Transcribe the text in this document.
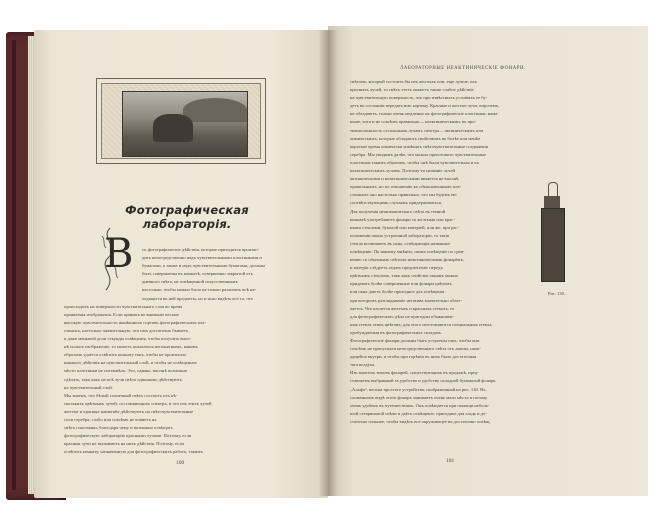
Фотографическая лабораторія.
В	съ фотографическiе дѣйствiя, которые приходится произво-
дить непосредственно надъ чувствительными пластинками и
бумагами, а также и надъ чувствительными бумагами, должны
быть совершаемы въ комнатѣ, совершенно закрытой отъ
дневного свѣта, не освѣщенной искусственнымъ
настолько, чтобы можно было не только различать всѣ на-
ходящiеся въ ней предметы, но и ясно видѣть все то, что
происходитъ на поверхности чувствительнаго слоя во время
проявленiя изображенiя. Если принять во вниманiе весьма
высокую чувствительность нынѣшнихъ сортовъ фотографическихъ пла-
стинокъ, настолько значительную, что имъ достаточно бываетъ
и даже меньшей доли секунды освѣщенiя, чтобы получить впол-
нѣ полное изображенiе, то можетъ показаться непонятнымъ, какимъ
образомъ удаётся освѣтить комнату такъ, чтобы не произошло
никакого дѣйствiя на чувствительный слой, и чтобы не освѣщенное
мѣсто пластинки не потемнѣло. Это, однако, вполнѣ возможно
сдѣлать, такъ какъ не всѣ лучи свѣта одинаково дѣйствуютъ
на чувствительный слой.
Мы знаемъ, что бѣлый солнечный свѣтъ состоитъ изъ нѣ-
сколькихъ цвѣтныхъ лучей, составляющихъ спектръ, и что изъ этихъ лучей
желтые и красные наименѣе дѣйствуютъ на свѣточувствительные
соли серебра, слабо или совсѣмъ не вліяютъ на
свѣтъ пластинки, благодаря чему и возможно освѣщать
фотографическую лабораторію красными лучами. Поэтому, если
красныя лучи не вызываютъ на нихъ дѣйствiя. Поэтому, если
освѣтить комнату, назначенную для фотографическихъ работъ, такимъ
100
ЛАБОРАТОРНЫЕ НЕАКТИНИЧЕСКІЕ ФОНАРИ.
свѣтомъ, который состоитъ бы изъ желтыхъ или, еще лучше, изъ
красныхъ лучей, то свѣтъ этотъ окажетъ также слабое дѣйствiе
на чувствительную поверхность, что при извѣстныхъ условiяхъ ее бу-
детъ въ состоянiи передать всю картину. Красные и желтые лучи, впрочемъ,
не обладаютъ, только очень медленно на фотографическiе пластинки, нама-
ньше, хотя и не совсѣмъ правильно— неактиническими, въ про-
тивоположность остальнымъ лучамъ спектра— актиническимъ или
химическимъ, которые обладаютъ свойствомъ въ болѣе или менѣе
короткое время химически измѣнять свѣточувствительные соединенiя
серебра. Мы увидимъ далѣе, что можно приготовить чувствительные
пластинки такимъ образомъ, чтобы онѣ были чувствительны и къ
неактиническимъ лучамъ. Поэтому-то названiе лучей
актиническими и неактиническими является не вполнѣ
правильнымъ, но по отношенiю къ обыкновеннымъ пла-
стинкамъ оно настолько правильно, что мы будемъ ею
соотвѣтствующимъ случаямъ придерживаться.
Для полученiя неактиническаго свѣта въ темной
комнатѣ употребляютъ фонари съ желтыми или крас-
ными стеклами, бумагой или матерiей, или же, при рас-
положенiи оконъ устроенной лабораторiи, то такiя
стекла вставляютъ въ окна, освѣщающiя названное
помѣщенiе. По нашему мнѣнiю, оконъ освѣщенiе по срав-
ненiю съ обычнымъ свѣтомъ неактиническимъ фонарёмъ,
и матерiи слѣдуетъ отдать предпочтенiе передъ
цвѣтнымъ стекломъ, такъ какъ свойства окнамъ можно
придавать болѣе совершенные или фонари цвѣтомъ
или окна даютъ болѣе пригодное для освѣщенiя
при которомъ разглядыванiе негатива значительно облег-
чается. Что касается желтыхъ и красныхъ стеколъ, то
для фотографическаго дѣла не пригодны обыкновен-
ныя стекла этихъ цвѣтовъ; для этого изготовляются специальныя стекла,
пробуждаемыя въ фотографическихъ складахъ.
Фотографическiе фонари должны быть устроены такъ, чтобы они
совсѣмъ не пропускали непосредственнаго свѣта отъ лампы, нахо-
дящейся внутри, и чтобы при горѣнiи въ нихъ было достаточная
тяга воздуха.
Изъ многихъ типовъ фонарей, существующихъ въ продажѣ, пред-
ставляемъ выбранный за удобство и удобству складной бумажный фонарь
„Альфа“, весьма простого устройства, изображенный на рис. 130. Въ
сложенномъ видѣ этотъ фонарь занимаетъ очень мало мѣста и потому
очень удобенъ въ путешествiяхъ. Онъ освѣщается при помощи неболь-
шой стеариновой свѣчи и даётъ освѣщенiе, пригодное для гладь и до-
статочно сильное, чтобы видѣть все окружающее въ достаточно освѣщ.
Рис. 130.
101
